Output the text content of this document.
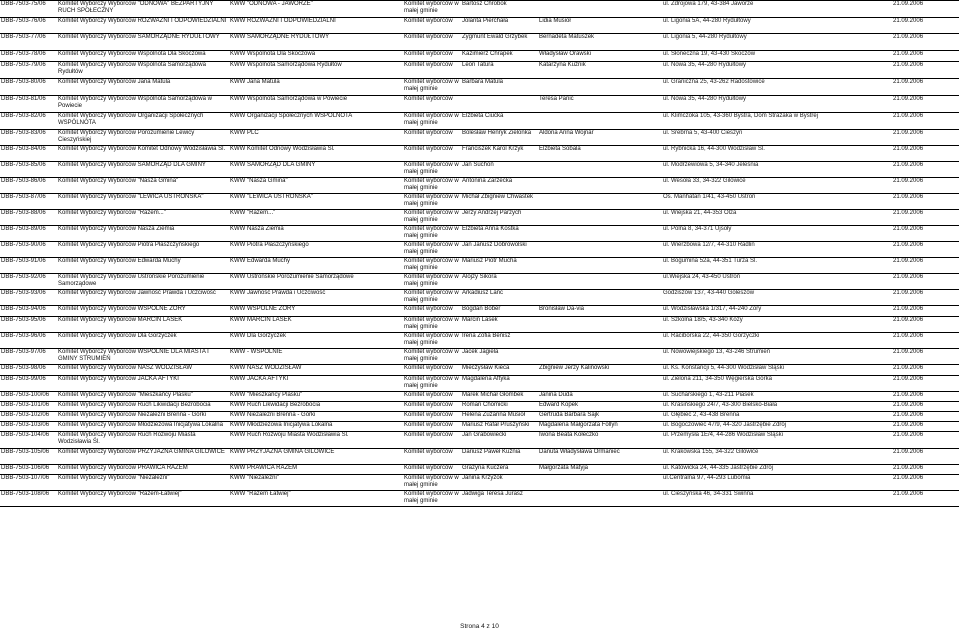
DBB-7503-75/06	Komitet Wyborczy Wyborców "ODNOWA" BEZPARTYJNY RUCH SPOŁECZNY	KWW "ODNOWA - JAWORZE"	Komitet wyborców w małej gminie	Bartosz Chrobok			ul. Zdrojowa 179, 43-384 Jaworze	21.09.2006
DBB-7503-76/06	Komitet Wyborczy Wyborców ROZWAŻNI I ODPOWIEDZIALNI	KWW ROZWAŻNI I ODPOWIEDZIALNI	Komitet wyborców	Jolanta Pierchała	Lidia Musioł		ul. Ligonia 5A, 44-280 Rydułtowy	21.09.2006
DBB-7503-77/06	Komitet Wyborczy Wyborców SAMORZĄDNE RYDUŁTOWY	KWW SAMORZĄDNE RYDUŁTOWY	Komitet wyborców	Zygmunt Ewald Grzybek	Bernadeta Matuszek		ul. Ligonia 5, 44-280 Rydułtowy	21.09.2006
DBB-7503-78/06	Komitet Wyborczy Wyborców Wspólnota Dla Skoczowa	KWW Wspólnota Dla Skoczowa	Komitet wyborców	Kazimierz Chrapek	Władysław Orawski		ul. Słoneczna 19, 43-430 Skoczów	21.09.2006
DBB-7503-79/06	Komitet Wyborczy Wyborców Wspólnota Samorządowa Rydułtów	KWW Wspólnota Samorządowa Rydułtów	Komitet wyborców	Leon Tatura	Katarzyna Kuźnik		ul. Nowa 35, 44-280 Rydułtowy	21.09.2006
DBB-7503-80/06	Komitet Wyborczy Wyborców Jana Matula	KWW Jana Matula	Komitet wyborców w małej gminie	Barbara Matula			ul. Graniczna 25, 43-262 Radostowice	21.09.2006
DBB-7503-81/06	Komitet Wyborczy Wyborców Wspólnota Samorządowa w Powiecie	KWW Wspólnota Samorządowa w Powiecie	Komitet wyborców		Teresa Panic		ul. Nowa 35, 44-280 Rydułtowy	21.09.2006
DBB-7503-82/06	Komitet Wyborczy Wyborców Organizacji Społecznych WSPÓLNOTA	KWW Organizacji Społecznych WSPÓLNOTA	Komitet wyborców w małej gminie	Elżbieta Ciućka			ul. Klimczoka 105, 43-360 Bystra, Dom Strażaka w Bystrej	21.09.2006
DBB-7503-83/06	Komitet Wyborczy Wyborców Porozumienie Lewicy Cieszyńskiej	KWW PLC	Komitet wyborców	Bolesław Henryk Zielonka	Aldona Anna Wojnar		ul. Srebrna 5, 43-400 Cieszyn	21.09.2006
DBB-7503-84/06	Komitet Wyborczy Wyborców Komitet Odnowy Wodzisławia Śl.	KWW Komitet Odnowy Wodzisławia Śl.	Komitet wyborców	Franciszek Karol Krzyk	Elżbieta Sobala		ul. Rybnicka 16, 44-300 Wodzisław Śl.	21.09.2006
DBB-7503-85/06	Komitet Wyborczy Wyborców SAMORZĄD DLA GMINY	KWW SAMORZĄD DLA GMINY	Komitet wyborców w małej gminie	Jan Suchoń			ul. Modrzewiowa 5, 34-340 Jeleśnia	21.09.2006
DBB-7503-86/06	Komitet Wyborczy Wyborców "Nasza Gmina"	KWW "Nasza Gmina"	Komitet wyborców w małej gminie	Antonina Zarzecka			ul. Wesoła 33, 34-322 Gilowice	21.09.2006
DBB-7503-87/06	Komitet Wyborczy Wyborców "LEWICA USTROŃSKA"	KWW "LEWICA USTROŃSKA"	Komitet wyborców w małej gminie	Michał Zbigniew Chwastek			Os. Manhatan 1/41, 43-450 Ustroń	21.09.2006
DBB-7503-88/06	Komitet Wyborczy Wyborców "Razem..."	KWW "Razem..."	Komitet wyborców w małej gminie	Jerzy Andrzej Parzych			ul. Wiejska 21, 44-353 Olza	21.09.2006
DBB-7503-89/06	Komitet Wyborczy Wyborców Nasza Ziemia	KWW Nasza Ziemia	Komitet wyborców w małej gminie	Elżbieta Anna Kostka			ul. Polna 8, 34-371 Ujsoły	21.09.2006
DBB-7503-90/06	Komitet Wyborczy Wyborców Piotra Płaszczyńskiego	KWW Piotra Płaszczyńskiego	Komitet wyborców w małej gminie	Jan Janusz Dobrowolski			ul. Wierzbowa 12/7, 44-310 Radlin	21.09.2006
DBB-7503-91/06	Komitet Wyborczy Wyborców Edwarda Muchy	KWW Edwarda Muchy	Komitet wyborców w małej gminie	Mariusz Piotr Mucha			ul. Bogumina 52a, 44-351 Turza Śl.	21.09.2006
DBB-7503-92/06	Komitet Wyborczy Wyborców Ustrońskie Porozumienie Samorządowe	KWW Ustrońskie Porozumienie Samorządowe	Komitet wyborców w małej gminie	Alojzy Sikora			ul.Wiejska 24, 43-450 Ustroń	21.09.2006
DBB-7503-93/06	Komitet Wyborczy Wyborców Jawność Prawda i Uczciwość	KWW Jawność Prawda i Uczciwość	Komitet wyborców w małej gminie	Arkadiusz Lanc			Godziszów 137, 43-440 Goleszów	21.09.2006
DBB-7503-94/06	Komitet Wyborczy Wyborców WSPÓLNE ŻORY	KWW WSPÓLNE ŻORY	Komitet wyborców	Bogdan Bober	Bronisław Da-via		ul. Wodzisławska 1/317, 44-240 Żory	21.09.2006
DBB-7503-95/06	Komitet Wyborczy Wyborców MARCIN LASEK	KWW MARCIN LASEK	Komitet wyborców w małej gminie	Marcin Lasek			ul. Szkolna 18/5, 43-340 Kozy	21.09.2006
DBB-7503-96/06	Komitet Wyborczy Wyborców Dla Gorzyczek	KWW Dla Gorzyczek	Komitet wyborców w małej gminie	Irena Zofia Benisz			ul. Raciborska 22, 44-350 Gorzyczki	21.09.2006
DBB-7503-97/06	Komitet Wyborczy Wyborców WSPÓLNIE DLA MIASTA I GMINY STRUMIEŃ	KWW - WSPÓLNIE	Komitet wyborców w małej gminie	Jacek Jagiela			ul. Nowowiejskiego 13, 43-246 Strumień	21.09.2006
DBB-7503-98/06	Komitet Wyborczy Wyborców NASZ WODZISŁAW	KWW NASZ WODZISŁAW	Komitet wyborców	Mieczysław Kieca	Zbigniew Jerzy Kalinowski		ul. Ks. Konstancji 5, 44-300 Wodzisław Śląski	21.09.2006
DBB-7503-99/06	Komitet Wyborczy Wyborców JACKA AFTYKI	KWW JACKA AFTYKI	Komitet wyborców w małej gminie	Magdalena Aftyka			ul. Zielona 211, 34-350 Węgierska Górka	21.09.2006
DBB-7503-100/06	Komitet Wyborczy Wyborców "Mieszkańcy Plasku"	KWW "Mieszkańcy Plasku"	Komitet wyborców	Marek Michał Głombek	Janina Duda		ul. Sucharskiego 1, 43-211 Piasek	21.09.2006
DBB-7503-101/06	Komitet Wyborczy Wyborców Ruch Likwidacji Bezrobocia	KWW Ruch Likwidacji Bezrobocia	Komitet wyborców	Roman Chomicki	Edward Kopek		ul. Krasińskiego 24/7, 43-300 Bielsko-Biała	21.09.2006
DBB-7503-102/06	Komitet Wyborczy Wyborców Niezależni Brenna - Górki	KWW Niezależni Brenna - Górki	Komitet wyborców	Helena Zuzanna Musioł	Gertruda Barbara Sajk		ul. Głębiec 2, 43-438 Brenna	21.09.2006
DBB-7503-103/06	Komitet Wyborczy Wyborców Młodzieżowa Inicjatywa Lokalna	KWW Młodzieżowa Inicjatywa Lokalna	Komitet wyborców	Mariusz Rafał Pruszyński	Magdalena Małgorzata Follyn		ul. Bogoczowiec 47/9, 44-320 Jastrzębie Zdrój	21.09.2006
DBB-7503-104/06	Komitet Wyborczy Wyborców Ruch Rozwoju Miasta Wodzisławia Śl.	KWW Ruch Rozwoju Miasta Wodzisławia Śl.	Komitet wyborców	Jan Grabowiecki	Iwona Beata Kołeczko		ul. Przemysła 1E/4, 44-286 Wodzisław Śląski	21.09.2006
DBB-7503-105/06	Komitet Wyborczy Wyborców PRZYJAZNA GMINA GILOWICE	KWW PRZYJAZNA GMINA GILOWICE	Komitet wyborców	Dariusz Paweł Kuźnia	Danuta Władysława Ormaniec		ul. Krakowska 155, 34-322 Gilowice	21.09.2006
DBB-7503-106/06	Komitet Wyborczy Wyborców PRAWICA RAZEM	KWW PRAWICA RAZEM	Komitet wyborców	Grażyna Kuczera	Małgorzata Matyja		ul. Katowicka 24, 44-335 Jastrzębie Zdrój	21.09.2006
DBB-7503-107/06	Komitet Wyborczy Wyborców "Niezależni"	KWW "Niezależni"	Komitet wyborców w małej gminie	Janina Krzyżok			ul.Centralna 97, 44-293 Lubomia	21.09.2006
DBB-7503-108/06	Komitet Wyborczy Wyborców "Razem-Łatwiej"	KWW "Razem Łatwiej"	Komitet wyborców w małej gminie	Jadwiga Teresa Jurasz			ul. Cieszyńska 46, 34-331 Świnna	21.09.2006
Strona 4 z 10
